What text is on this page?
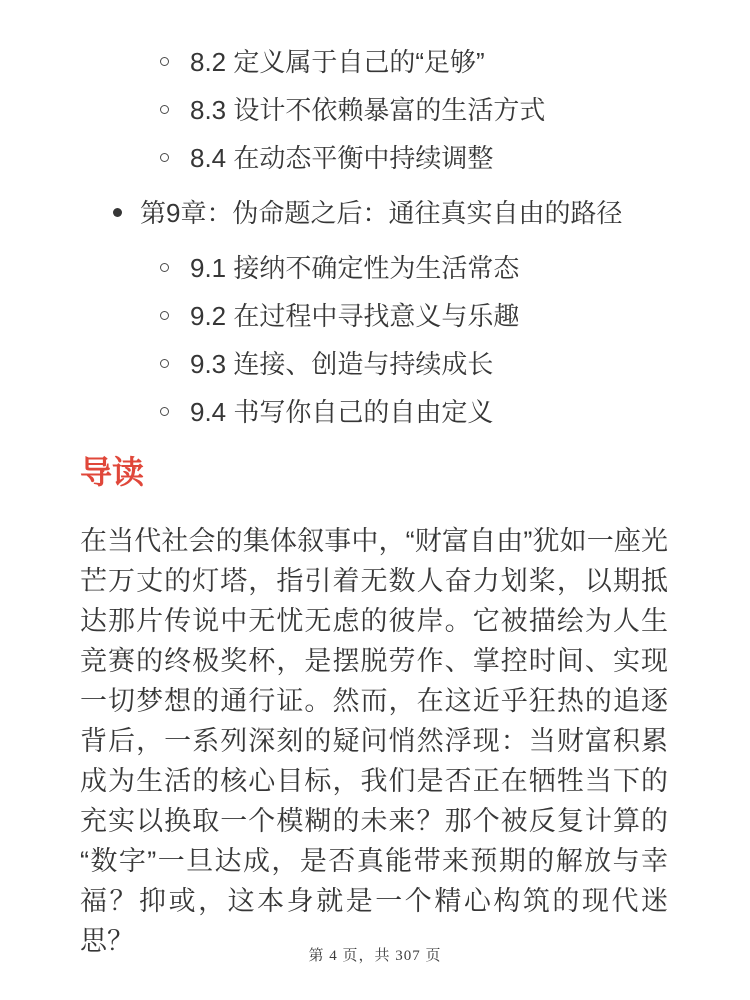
8.2 定义属于自己的“足够”
8.3 设计不依赖暴富的生活方式
8.4 在动态平衡中持续调整
第9章：伪命题之后：通往真实自由的路径
9.1 接纳不确定性为生活常态
9.2 在过程中寻找意义与乐趣
9.3 连接、创造与持续成长
9.4 书写你自己的自由定义
导读
在当代社会的集体叙事中，“财富自由”犹如一座光芒万丈的灯塔，指引着无数人奋力划桨，以期抵达那片传说中无忧无虑的彼岸。它被描绘为人生竞赛的终极奖杯，是摆脱劳作、掌控时间、实现一切梦想的通行证。然而，在这近乎狂热的追逐背后，一系列深刻的疑问悄然浮现：当财富积累成为生活的核心目标，我们是否正在牺牲当下的充实以换取一个模糊的未来？那个被反复计算的“数字”一旦达成，是否真能带来预期的解放与幸福？抑或，这本身就是一个精心构筑的现代迷思？	第 4 页，共 307 页
